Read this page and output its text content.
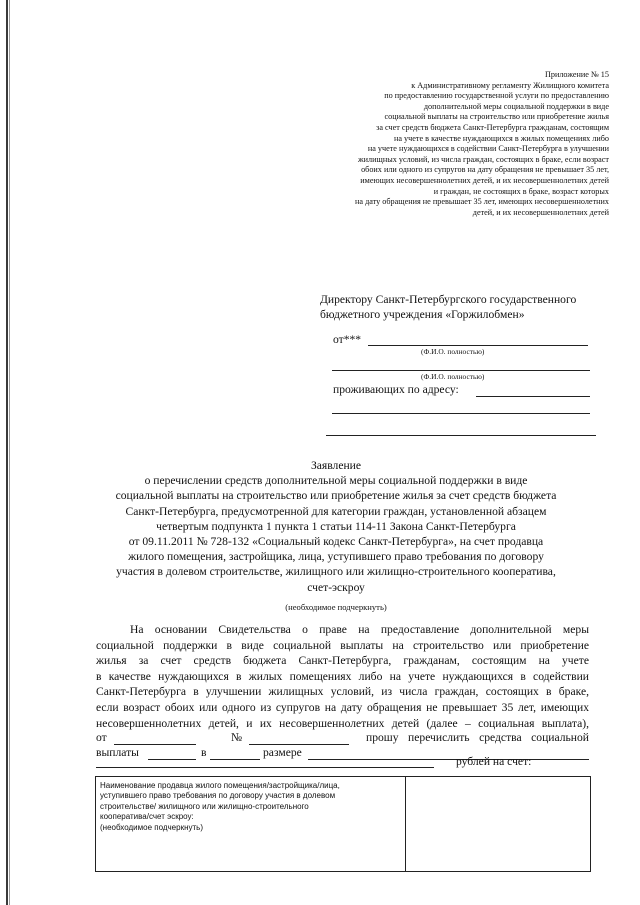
Приложение № 15
к Административному регламенту Жилищного комитета
по предоставлению государственной услуги по предоставлению
дополнительной меры социальной поддержки в виде
социальной выплаты на строительство или приобретение жилья
за счет средств бюджета Санкт-Петербурга гражданам, состоящим
на учете в качестве нуждающихся в жилых помещениях либо
на учете нуждающихся в содействии Санкт-Петербурга в улучшении
жилищных условий, из числа граждан, состоящих в браке, если возраст
обоих или одного из супругов на дату обращения не превышает 35 лет,
имеющих несовершеннолетних детей, и их несовершеннолетних детей
и граждан, не состоящих в браке, возраст которых
на дату обращения не превышает 35 лет, имеющих несовершеннолетних
детей, и их несовершеннолетних детей
Директору Санкт-Петербургского государственного
бюджетного учреждения «Горжилобмен»
от***
(Ф.И.О. полностью)
(Ф.И.О. полностью)
проживающих по адресу:
Заявление
о перечислении средств дополнительной меры социальной поддержки в виде
социальной выплаты на строительство или приобретение жилья за счет средств бюджета
Санкт-Петербурга, предусмотренной для категории граждан, установленной абзацем
четвертым подпункта 1 пункта 1 статьи 114-11 Закона Санкт-Петербурга
от 09.11.2011 № 728-132 «Социальный кодекс Санкт-Петербурга», на счет продавца
жилого помещения, застройщика, лица, уступившего право требования по договору
участия в долевом строительстве, жилищного или жилищно-строительного кооператива,
счет-эскроу
(необходимое подчеркнуть)
На основании Свидетельства о праве на предоставление дополнительной меры
социальной поддержки в виде социальной выплаты на строительство или приобретение
жилья за счет средств бюджета Санкт-Петербурга, гражданам, состоящим на учете
в качестве нуждающихся в жилых помещениях либо на учете нуждающихся в содействии
Санкт-Петербурга в улучшении жилищных условий, из числа граждан, состоящих в браке,
если возраст обоих или одного из супругов на дату обращения не превышает 35 лет, имеющих
несовершеннолетних детей, и их несовершеннолетних детей (далее – социальная выплата),
от	№	прошу перечислить средства социальной
выплаты	в	размере
рублей на счет:
Наименование продавца жилого помещения/застройщика/лица,
уступившего право требования по договору участия в долевом
строительстве/ жилищного или жилищно-строительного
кооператива/счет эскроу:
(необходимое подчеркнуть)
